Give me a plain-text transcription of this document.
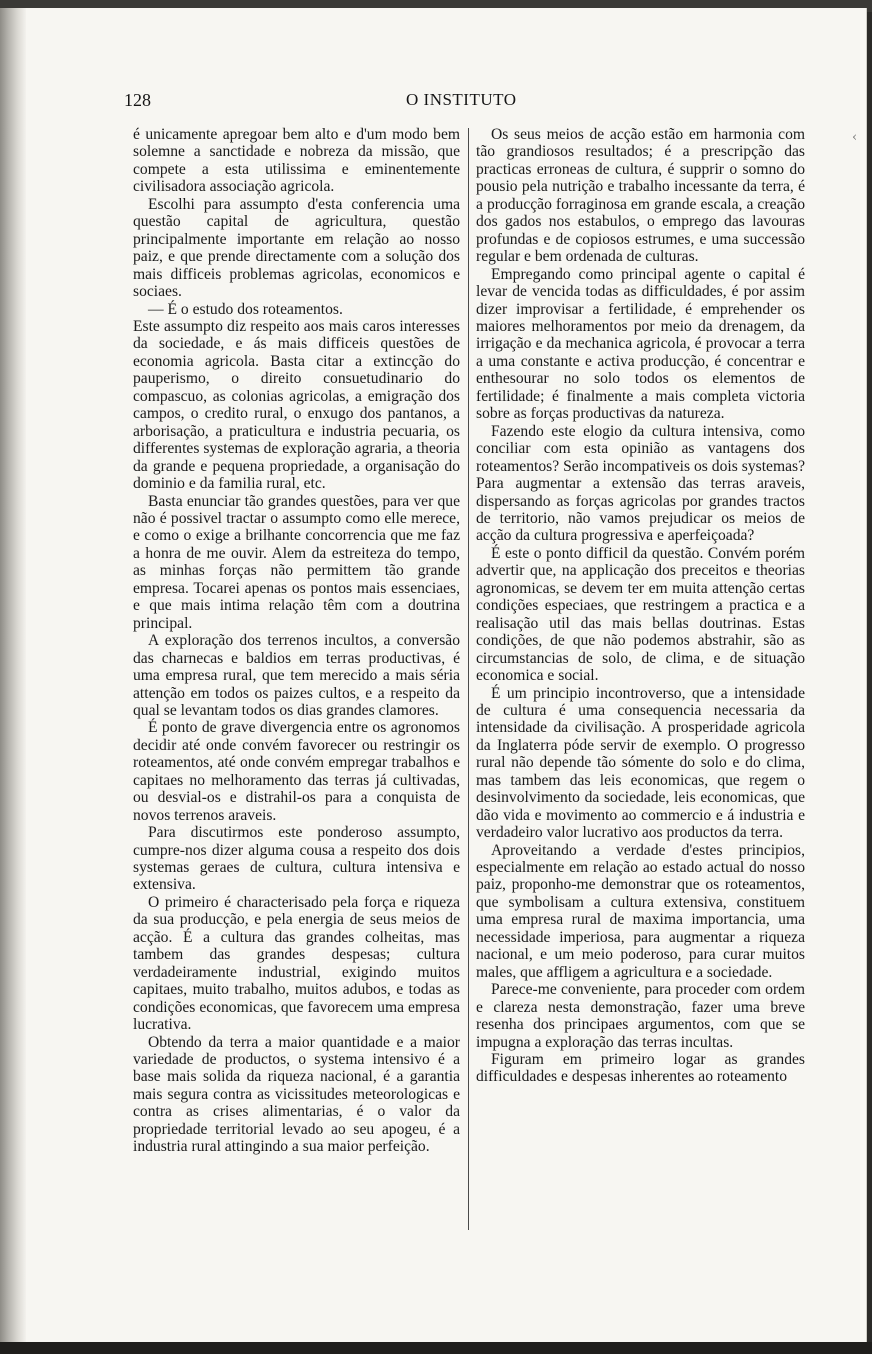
‹
128	O INSTITUTO

é unicamente apregoar bem alto e d'um modo bem solemne a sanctidade e nobreza da missão, que compete a esta utilissima e eminentemente civilisadora associação agricola.

Escolhi para assumpto d'esta conferencia uma questão capital de agricultura, questão principalmente importante em relação ao nosso paiz, e que prende directamente com a solução dos mais difficeis problemas agricolas, economicos e sociaes.

— É o estudo dos roteamentos.

Este assumpto diz respeito aos mais caros interesses da sociedade, e ás mais difficeis questões de economia agricola. Basta citar a extincção do pauperismo, o direito consuetudinario do compascuo, as colonias agricolas, a emigração dos campos, o credito rural, o enxugo dos pantanos, a arborisação, a praticultura e industria pecuaria, os differentes systemas de exploração agraria, a theoria da grande e pequena propriedade, a organisação do dominio e da familia rural, etc.

Basta enunciar tão grandes questões, para ver que não é possivel tractar o assumpto como elle merece, e como o exige a brilhante concorrencia que me faz a honra de me ouvir. Alem da estreiteza do tempo, as minhas forças não permittem tão grande empresa. Tocarei apenas os pontos mais essenciaes, e que mais intima relação têm com a doutrina principal.

A exploração dos terrenos incultos, a conversão das charnecas e baldios em terras productivas, é uma empresa rural, que tem merecido a mais séria attenção em todos os paizes cultos, e a respeito da qual se levantam todos os dias grandes clamores.

É ponto de grave divergencia entre os agronomos decidir até onde convém favorecer ou restringir os roteamentos, até onde convém empregar trabalhos e capitaes no melhoramento das terras já cultivadas, ou desvial-os e distrahil-os para a conquista de novos terrenos araveis.

Para discutirmos este ponderoso assumpto, cumpre-nos dizer alguma cousa a respeito dos dois systemas geraes de cultura, cultura intensiva e extensiva.

O primeiro é characterisado pela força e riqueza da sua producção, e pela energia de seus meios de acção. É a cultura das grandes colheitas, mas tambem das grandes despesas; cultura verdadeiramente industrial, exigindo muitos capitaes, muito trabalho, muitos adubos, e todas as condições economicas, que favorecem uma empresa lucrativa.

Obtendo da terra a maior quantidade e a maior variedade de productos, o systema intensivo é a base mais solida da riqueza nacional, é a garantia mais segura contra as vicissitudes meteorologicas e contra as crises alimentarias, é o valor da propriedade territorial levado ao seu apogeu, é a industria rural attingindo a sua maior perfeição.

Os seus meios de acção estão em harmonia com tão grandiosos resultados; é a prescripção das practicas erroneas de cultura, é supprir o somno do pousio pela nutrição e trabalho incessante da terra, é a producção forraginosa em grande escala, a creação dos gados nos estabulos, o emprego das lavouras profundas e de copiosos estrumes, e uma successão regular e bem ordenada de culturas.

Empregando como principal agente o capital é levar de vencida todas as difficuldades, é por assim dizer improvisar a fertilidade, é emprehender os maiores melhoramentos por meio da drenagem, da irrigação e da mechanica agricola, é provocar a terra a uma constante e activa producção, é concentrar e enthesourar no solo todos os elementos de fertilidade; é finalmente a mais completa victoria sobre as forças productivas da natureza.

Fazendo este elogio da cultura intensiva, como conciliar com esta opinião as vantagens dos roteamentos? Serão incompativeis os dois systemas? Para augmentar a extensão das terras araveis, dispersando as forças agricolas por grandes tractos de territorio, não vamos prejudicar os meios de acção da cultura progressiva e aperfeiçoada?

É este o ponto difficil da questão. Convém porém advertir que, na applicação dos preceitos e theorias agronomicas, se devem ter em muita attenção certas condições especiaes, que restringem a practica e a realisação util das mais bellas doutrinas. Estas condições, de que não podemos abstrahir, são as circumstancias de solo, de clima, e de situação economica e social.

É um principio incontroverso, que a intensidade de cultura é uma consequencia necessaria da intensidade da civilisação. A prosperidade agricola da Inglaterra póde servir de exemplo. O progresso rural não depende tão sómente do solo e do clima, mas tambem das leis economicas, que regem o desinvolvimento da sociedade, leis economicas, que dão vida e movimento ao commercio e á industria e verdadeiro valor lucrativo aos productos da terra.

Aproveitando a verdade d'estes principios, especialmente em relação ao estado actual do nosso paiz, proponho-me demonstrar que os roteamentos, que symbolisam a cultura extensiva, constituem uma empresa rural de maxima importancia, uma necessidade imperiosa, para augmentar a riqueza nacional, e um meio poderoso, para curar muitos males, que affligem a agricultura e a sociedade.

Parece-me conveniente, para proceder com ordem e clareza nesta demonstração, fazer uma breve resenha dos principaes argumentos, com que se impugna a exploração das terras incultas.

Figuram em primeiro logar as grandes difficuldades e despesas inherentes ao roteamento
